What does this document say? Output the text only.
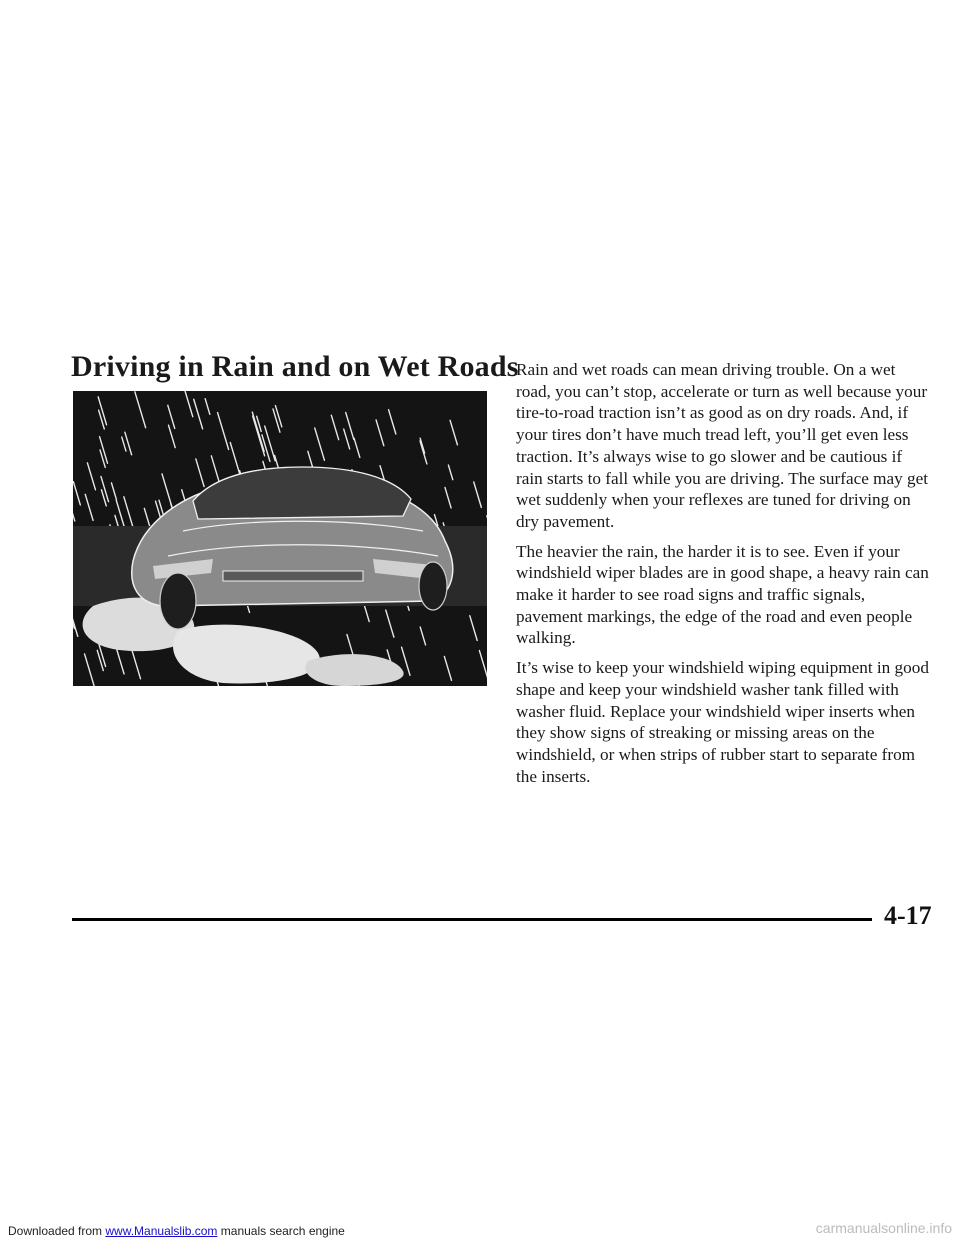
Driving in Rain and on Wet Roads

Rain and wet roads can mean driving trouble. On a wet road, you can’t stop, accelerate or turn as well because your tire-to-road traction isn’t as good as on dry roads. And, if your tires don’t have much tread left, you’ll get even less traction. It’s always wise to go slower and be cautious if rain starts to fall while you are driving. The surface may get wet suddenly when your reflexes are tuned for driving on dry pavement.

The heavier the rain, the harder it is to see. Even if your windshield wiper blades are in good shape, a heavy rain can make it harder to see road signs and traffic signals, pavement markings, the edge of the road and even people walking.

It’s wise to keep your windshield wiping equipment in good shape and keep your windshield washer tank filled with washer fluid. Replace your windshield wiper inserts when they show signs of streaking or missing areas on the windshield, or when strips of rubber start to separate from the inserts.

4-17

Downloaded from www.Manualslib.com manuals search engine	carmanualsonline.info
